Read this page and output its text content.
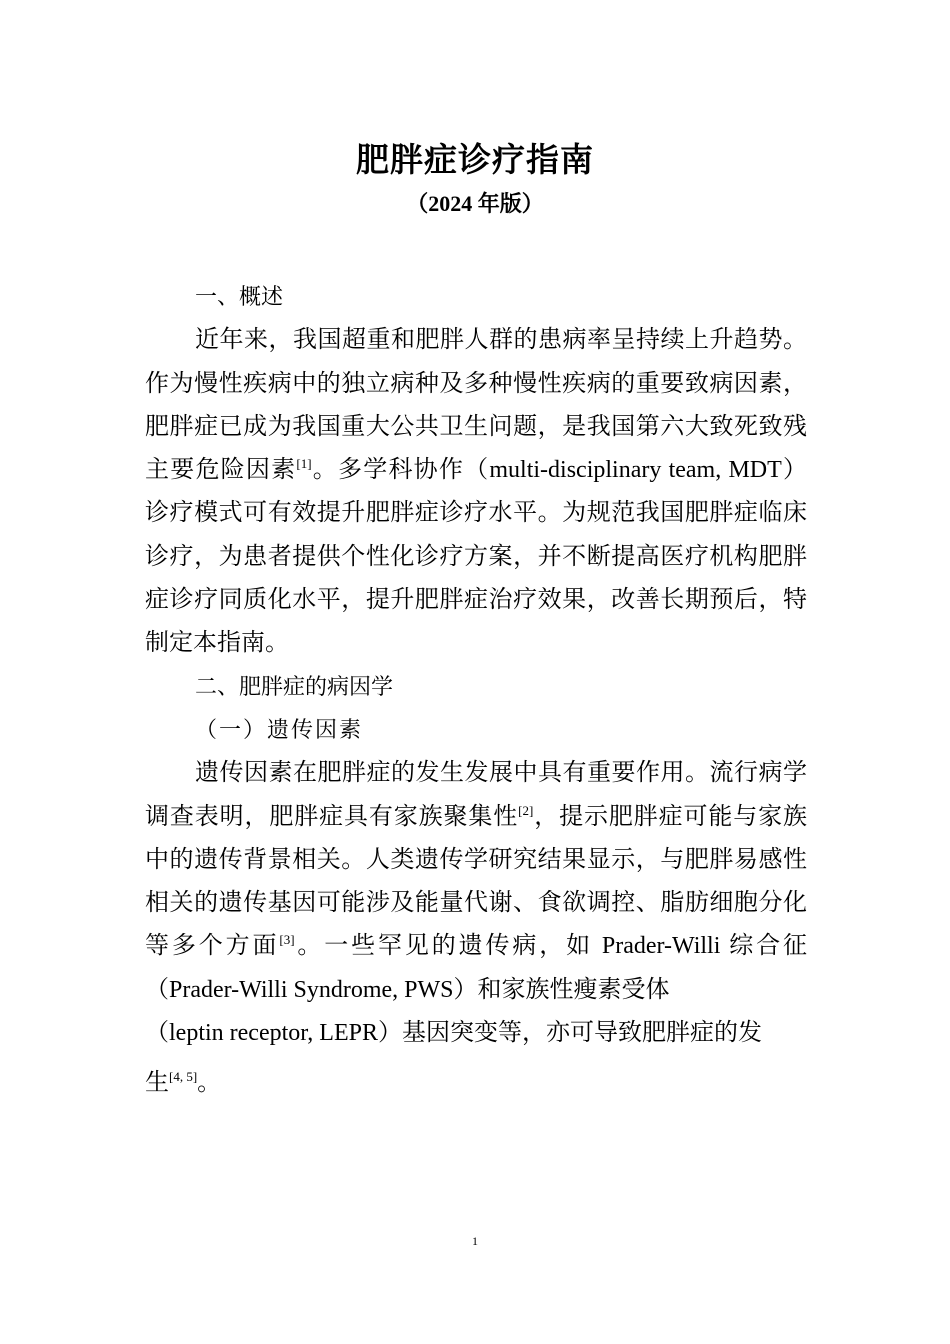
肥胖症诊疗指南
（2024 年版）

一、概述

近年来，我国超重和肥胖人群的患病率呈持续上升趋势。作为慢性疾病中的独立病种及多种慢性疾病的重要致病因素，肥胖症已成为我国重大公共卫生问题，是我国第六大致死致残主要危险因素[1]。多学科协作（multi-disciplinary team, MDT）诊疗模式可有效提升肥胖症诊疗水平。为规范我国肥胖症临床诊疗，为患者提供个性化诊疗方案，并不断提高医疗机构肥胖症诊疗同质化水平，提升肥胖症治疗效果，改善长期预后，特制定本指南。

二、肥胖症的病因学

（一）遗传因素

遗传因素在肥胖症的发生发展中具有重要作用。流行病学调查表明，肥胖症具有家族聚集性[2]，提示肥胖症可能与家族中的遗传背景相关。人类遗传学研究结果显示，与肥胖易感性相关的遗传基因可能涉及能量代谢、食欲调控、脂肪细胞分化等多个方面[3]。一些罕见的遗传病，如 Prader-Willi 综合征（Prader-Willi Syndrome, PWS）和家族性瘦素受体

（leptin receptor, LEPR）基因突变等，亦可导致肥胖症的发

生[4, 5]。

1
